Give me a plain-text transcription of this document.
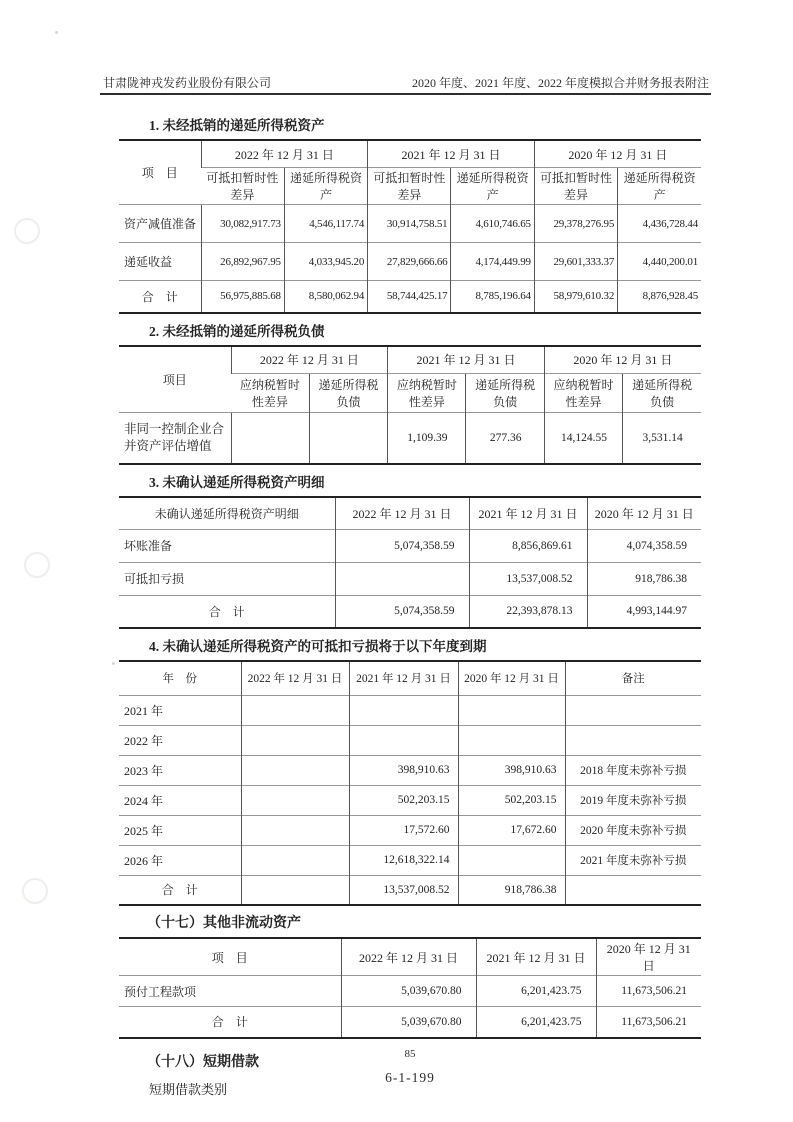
甘肃陇神戎发药业股份有限公司	2020 年度、2021 年度、2022 年度模拟合并财务报表附注
1. 未经抵销的递延所得税资产
项　目	2022 年 12 月 31 日		2021 年 12 月 31 日		2020 年 12 月 31 日	
	可抵扣暂时性差异	递延所得税资产	可抵扣暂时性差异	递延所得税资产	可抵扣暂时性差异	递延所得税资产
资产减值准备	30,082,917.73	4,546,117.74	30,914,758.51	4,610,746.65	29,378,276.95	4,436,728.44
递延收益	26,892,967.95	4,033,945.20	27,829,666.66	4,174,449.99	29,601,333.37	4,440,200.01
合　计	56,975,885.68	8,580,062.94	58,744,425.17	8,785,196.64	58,979,610.32	8,876,928.45
2. 未经抵销的递延所得税负债
项目	2022 年 12 月 31 日		2021 年 12 月 31 日		2020 年 12 月 31 日	
	应纳税暂时性差异	递延所得税负债	应纳税暂时性差异	递延所得税负债	应纳税暂时性差异	递延所得税负债
非同一控制企业合并资产评估增值			1,109.39	277.36	14,124.55	3,531.14
3. 未确认递延所得税资产明细
未确认递延所得税资产明细	2022 年 12 月 31 日	2021 年 12 月 31 日	2020 年 12 月 31 日
坏账准备	5,074,358.59	8,856,869.61	4,074,358.59
可抵扣亏损		13,537,008.52	918,786.38
合　计	5,074,358.59	22,393,878.13	4,993,144.97
4. 未确认递延所得税资产的可抵扣亏损将于以下年度到期
年　份	2022 年 12 月 31 日	2021 年 12 月 31 日	2020 年 12 月 31 日	备注
2021 年				
2022 年				
2023 年		398,910.63	398,910.63	2018 年度未弥补亏损
2024 年		502,203.15	502,203.15	2019 年度未弥补亏损
2025 年		17,572.60	17,672.60	2020 年度未弥补亏损
2026 年		12,618,322.14		2021 年度未弥补亏损
合　计		13,537,008.52	918,786.38	
（十七）其他非流动资产
项　目	2022 年 12 月 31 日	2021 年 12 月 31 日	2020 年 12 月 31 日
预付工程款项	5,039,670.80	6,201,423.75	11,673,506.21
合　计	5,039,670.80	6,201,423.75	11,673,506.21
（十八）短期借款
短期借款类别
85
6-1-199
